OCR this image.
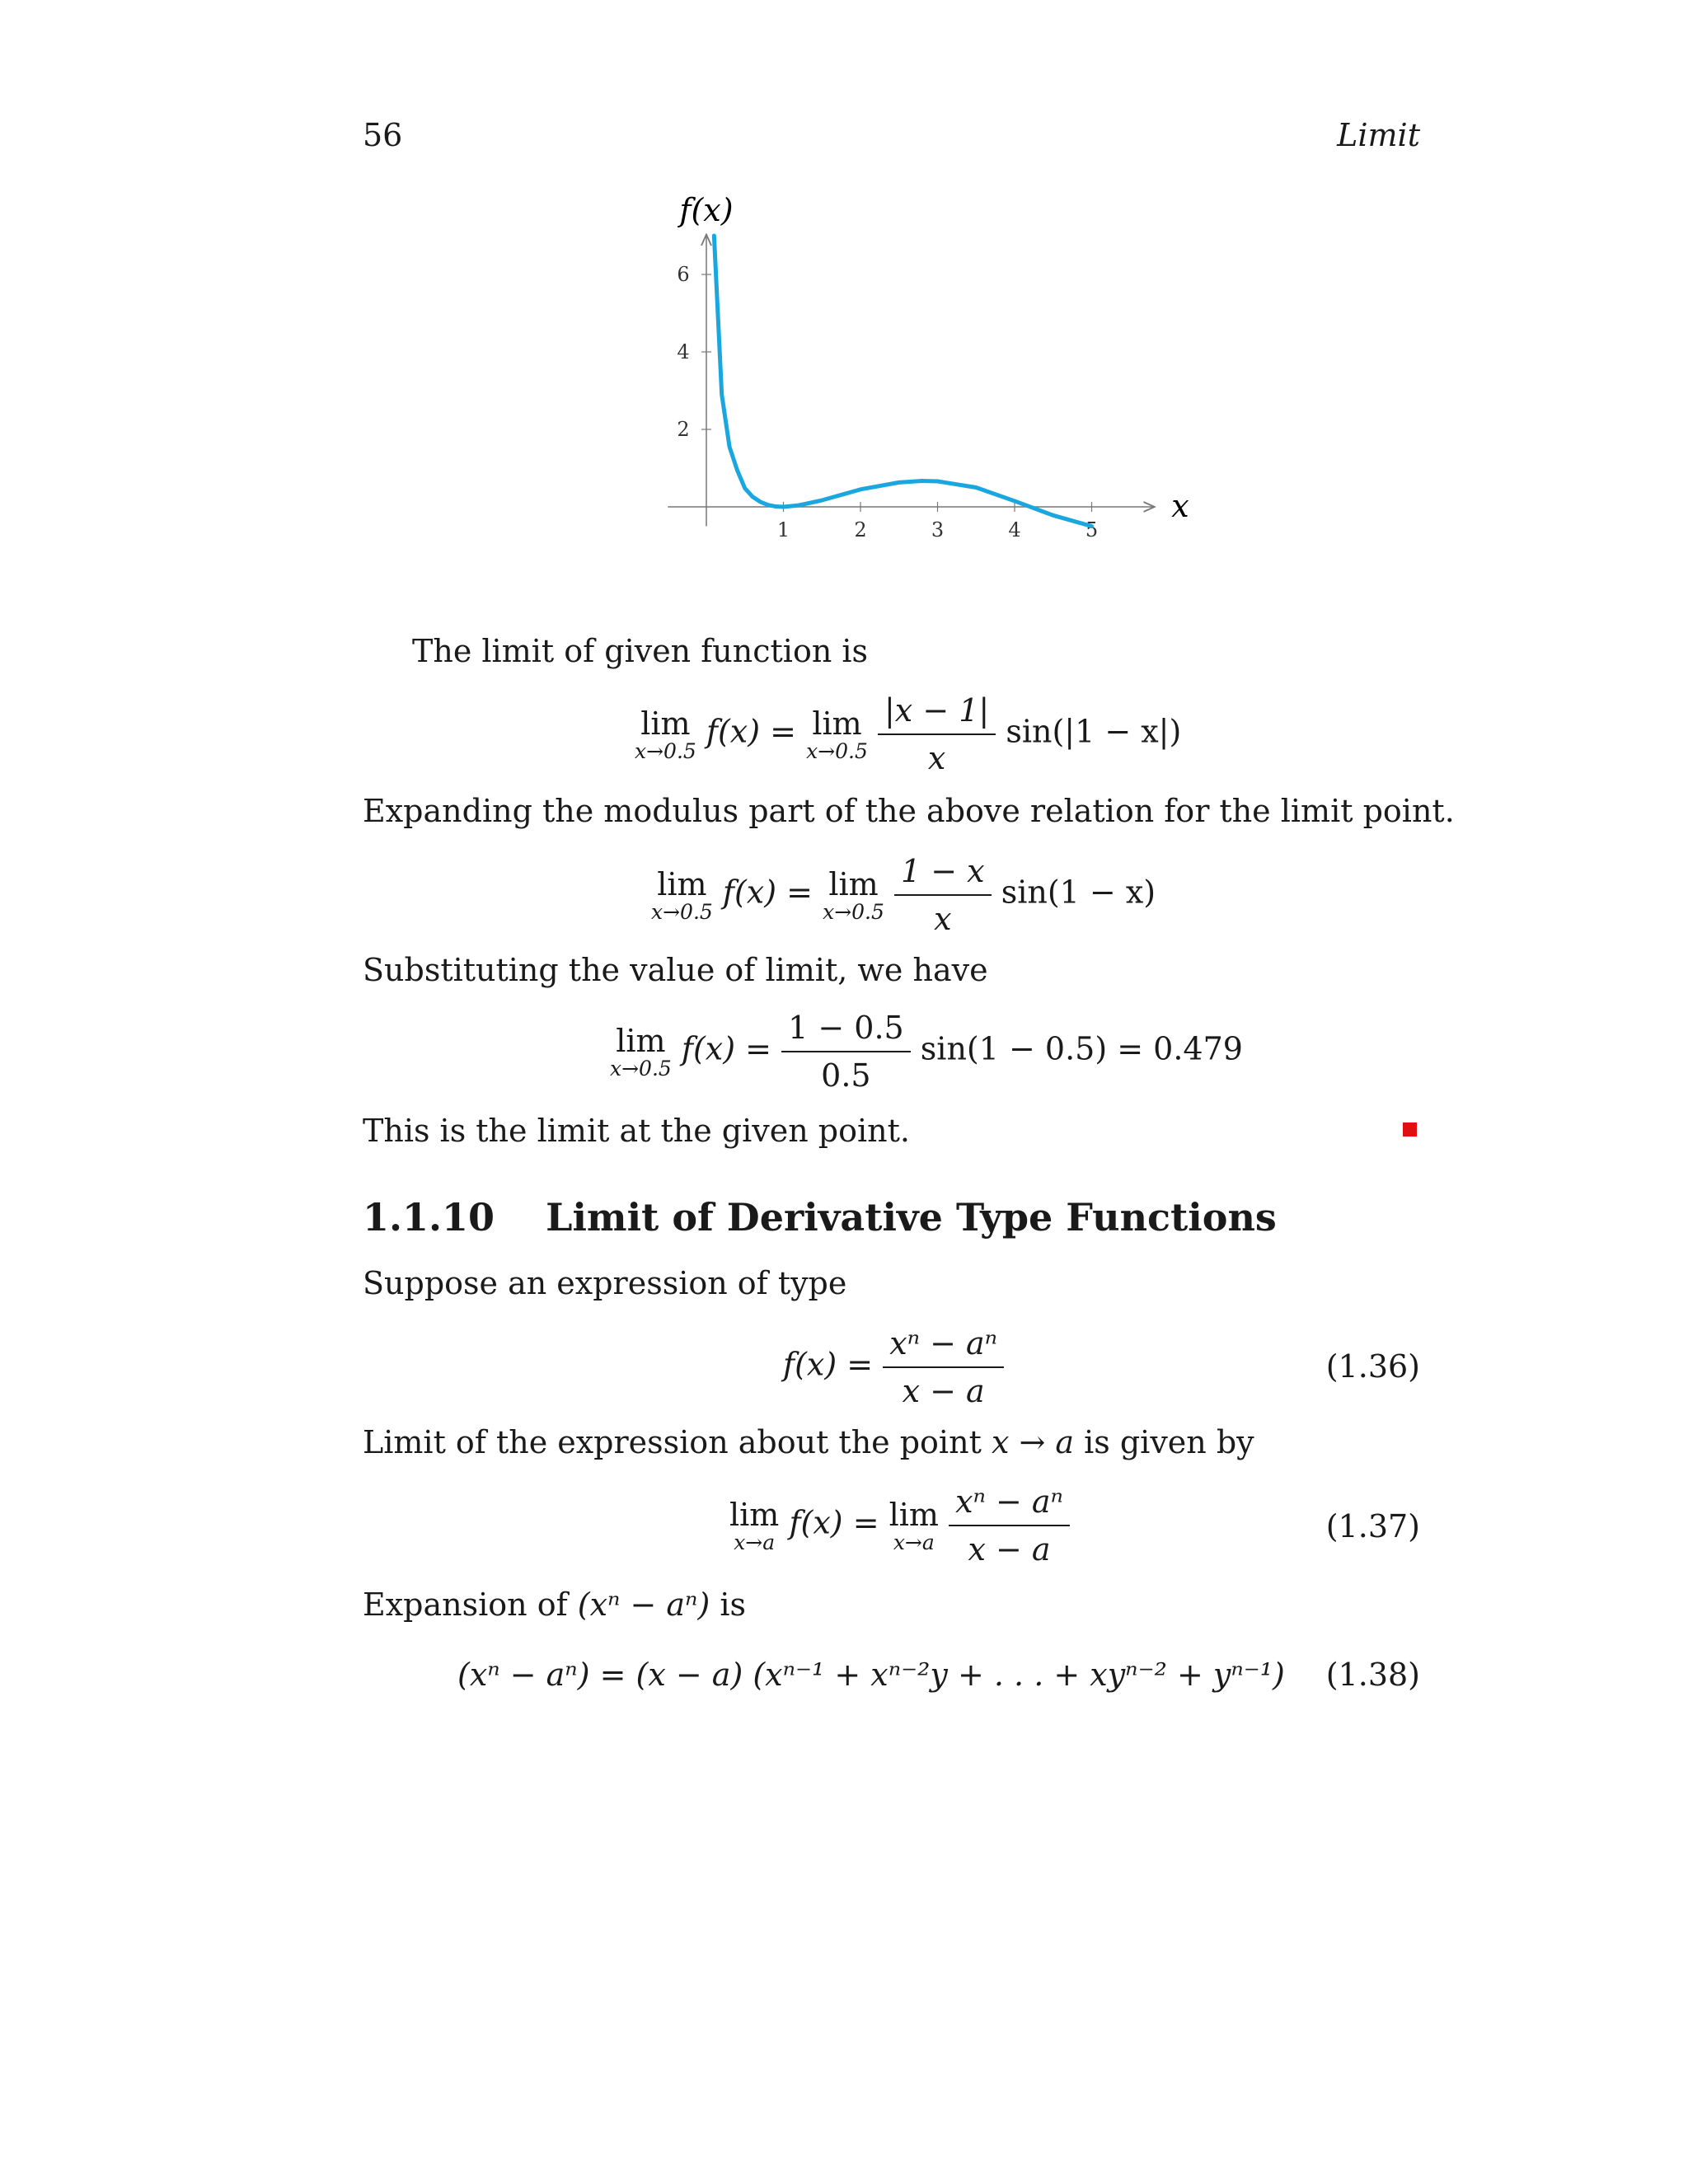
56	Limit
1	2	3	4	5
2
4
6
f(x)
x
The limit of given function is
lim
x→0.5
f(x) = lim
x→0.5
$\frac{|x - 1|}{x} \sin(|1 - x|)$
Expanding the modulus part of the above relation for the limit point.
lim
x→0.5
f(x) = lim
x→0.5
$\frac{1 - x}{x} \sin(1 - x)$
Substituting the value of limit, we have
lim
x→0.5
$f(x) = \frac{1 - 0.5}{0.5} \sin(1 - 0.5) = 0.479$
This is the limit at the given point.
1.1.10 Limit of Derivative Type Functions
Suppose an expression of type
$f(x) = \frac{\text{xⁿ − aⁿ}}{x - a}$	(1.36)
Limit of the expression about the point x → a is given by
lim
x→a
f(x) = lim
x→a
$\frac{\text{xⁿ − aⁿ}}{x - a}$	(1.37)
Expansion of (xⁿ − aⁿ) is
(xⁿ − aⁿ) = (x − a) (xⁿ⁻¹ + xⁿ⁻²y + . . . + xyⁿ⁻² + yⁿ⁻¹) (1.38)
